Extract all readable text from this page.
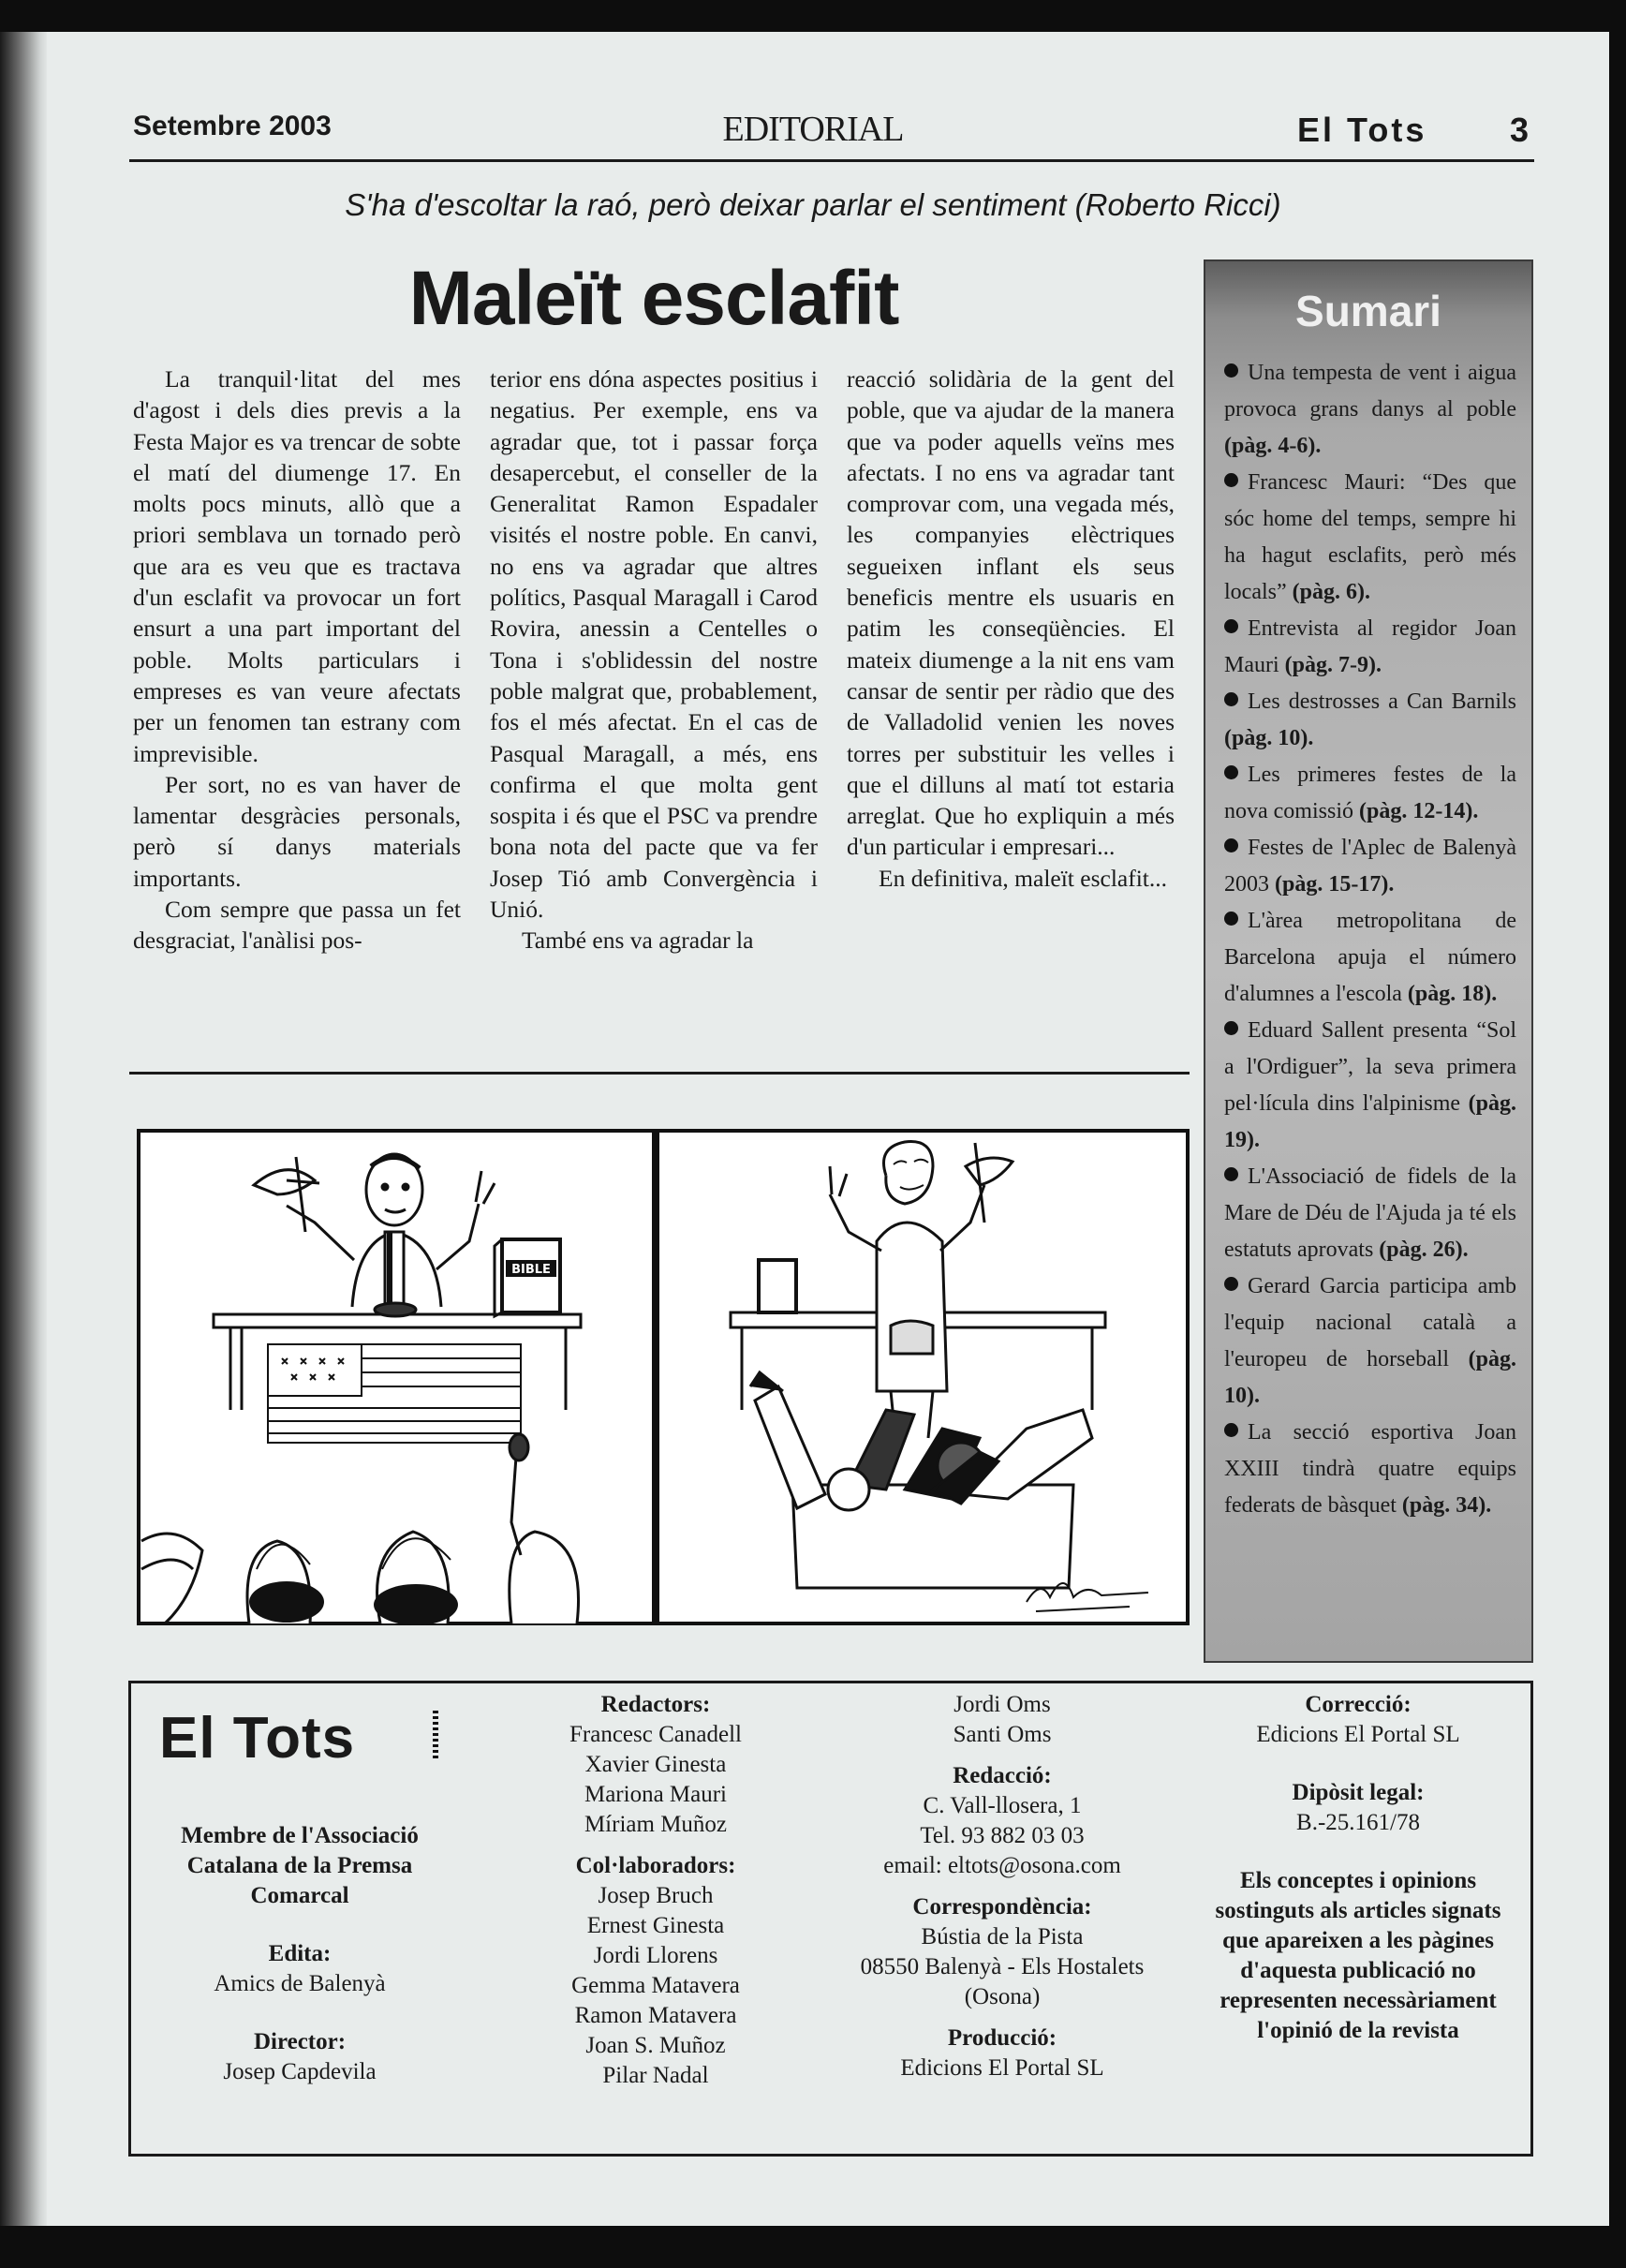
Setembre 2003	EDITORIAL	El Tots 3
S'ha d'escoltar la raó, però deixar parlar el sentiment (Roberto Ricci)
Maleït esclafit

La tranquil·litat del mes d'agost i dels dies previs a la Festa Major es va trencar de sobte el matí del diumenge 17. En molts pocs minuts, allò que a priori semblava un tornado però que ara es veu que es tractava d'un esclafit va provocar un fort ensurt a una part important del poble. Molts particulars i empreses es van veure afectats per un fenomen tan estrany com imprevisible.

Per sort, no es van haver de lamentar desgràcies personals, però sí danys materials importants.

Com sempre que passa un fet desgraciat, l'anàlisi pos-

terior ens dóna aspectes positius i negatius. Per exemple, ens va agradar que, tot i passar força desapercebut, el conseller de la Generalitat Ramon Espadaler visités el nostre poble. En canvi, no ens va agradar que altres polítics, Pasqual Maragall i Carod Rovira, anessin a Centelles o Tona i s'oblidessin del nostre poble malgrat que, probablement, fos el més afectat. En el cas de Pasqual Maragall, a més, ens confirma el que molta gent sospita i és que el PSC va prendre bona nota del pacte que va fer Josep Tió amb Convergència i Unió.

També ens va agradar la

reacció solidària de la gent del poble, que va ajudar de la manera que va poder aquells veïns mes afectats. I no ens va agradar tant comprovar com, una vegada més, les companyies elèctriques segueixen inflant els seus beneficis mentre els usuaris en patim les conseqüències. El mateix diumenge a la nit ens vam cansar de sentir per ràdio que des de Valladolid venien les noves torres per substituir les velles i que el dilluns al matí tot estaria arreglat. Que ho expliquin a més d'un particular i empresari...

En definitiva, maleït esclafit...

BIBLE
Sumari
Una tempesta de vent i aigua provoca grans danys al poble (pàg. 4-6).
Francesc Mauri: “Des que sóc home del temps, sempre hi ha hagut esclafits, però més locals” (pàg. 6).
Entrevista al regidor Joan Mauri (pàg. 7-9).
Les destrosses a Can Barnils (pàg. 10).
Les primeres festes de la nova comissió (pàg. 12-14).
Festes de l'Aplec de Balenyà 2003 (pàg. 15-17).
L'àrea metropolitana de Barcelona apuja el número d'alumnes a l'escola (pàg. 18).
Eduard Sallent presenta “Sol a l'Ordiguer”, la seva primera pel·lícula dins l'alpinisme (pàg. 19).
L'Associació de fidels de la Mare de Déu de l'Ajuda ja té els estatuts aprovats (pàg. 26).
Gerard Garcia participa amb l'equip nacional català a l'europeu de horseball (pàg. 10).
La secció esportiva Joan XXIII tindrà quatre equips federats de bàsquet (pàg. 34).
El Tots
Membre de l'Associació Catalana de la Premsa Comarcal
Edita:
Amics de Balenyà
Director:
Josep Capdevila
Redactors:
Francesc Canadell
Xavier Ginesta
Mariona Mauri
Míriam Muñoz
Col·laboradors:
Josep Bruch
Ernest Ginesta
Jordi Llorens
Gemma Matavera
Ramon Matavera
Joan S. Muñoz
Pilar Nadal
Jordi Oms
Santi Oms
Redacció:
C. Vall-llosera, 1
Tel. 93 882 03 03
email: eltots@osona.com
Correspondència:
Bústia de la Pista
08550 Balenyà - Els Hostalets
(Osona)
Producció:
Edicions El Portal SL
Correcció:
Edicions El Portal SL
Dipòsit legal:
B.-25.161/78
Els conceptes i opinions sostinguts als articles signats que apareixen a les pàgines d'aquesta publicació no representen necessàriament l'opinió de la revista
